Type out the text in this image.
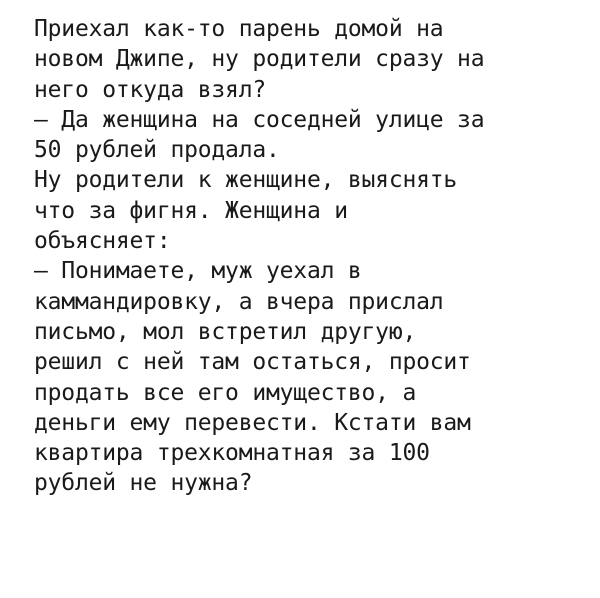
Приехал как-то парень домой на
новом Джипе, ну родители сразу на
него откуда взял?
— Да женщина на соседней улице за
50 рублей продала.
Ну родители к женщине, выяснять
что за фигня. Женщина и
объясняет:
— Понимаете, муж уехал в
каммандировку, а вчера прислал
письмо, мол встретил другую,
решил с ней там остаться, просит
продать все его имущество, а
деньги ему перевести. Кстати вам
квартира трехкомнатная за 100
рублей не нужна?
